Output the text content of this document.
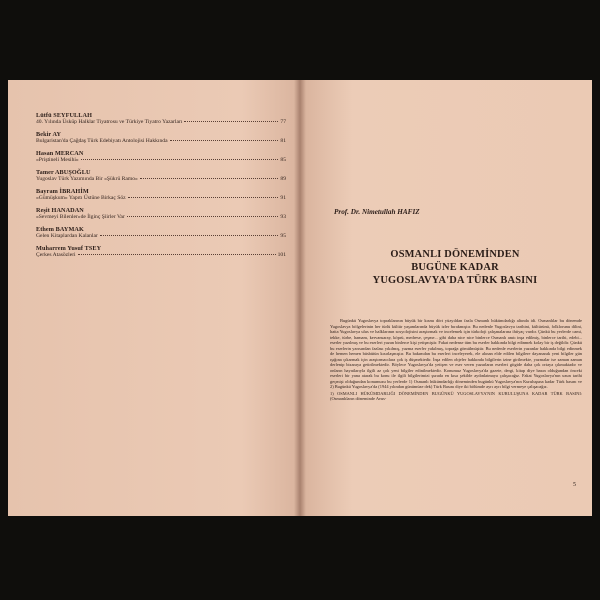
Lütfü SEYFULLAH
40. Yılında Üsküp Halklar Tiyatrosu ve Türkiye Tiyatro Yazarları	77
Bekir AY
Bulgaristan'da Çağdaş Türk Edebiyatı Antolojisi Hakkında	81
Hasan MERCAN
«Priştineli Mesihi»	85
Tamer ABUŞOĞLU
Yugoslav Türk Yazımında Bir «Şükrü Ramo»	89
Bayram İBRAHİM
«Gümüşkum» Yapıtı Üstüne Birkaç Söz	91
Reşit HANADAN
«Sevmeyi Bilenler»de İlginç Şiirler Var	93
Ethem BAYMAK
Gelen Kitaplardan Kalanlar	95
Muharrem Yusuf TSEY
Çerkes Atasözleri	101
Prof. Dr. Nimetullah HAFIZ
OSMANLI DÖNEMİNDEN
BUGÜNE KADAR
YUGOSLAVYA'DA TÜRK BASINI

Bugünkü Yugoslavya topraklarının büyük bir kısmı dört yüzyıldan fazla Osmanlı hükümdarlığı altında idi. Osmanlılar bu dönemde Yugoslavya bölgelerinin her türlü kültür yaşamlarında büyük izler bırakmıştır. Bu nedenle Yugoslavya tarihini, kültürünü, folklorunu dilini, hatta Yugoslavya ulus ve halklarının sosyolojisini araştırmak ve incelemek için türkoloji çalışmalarına ihtiyaç vardır. Çünkü bu yerlerde cami, tekke, türbe, hamam, kervansaray, köprü, medrese, çeşme... gibi daha nice nice binlerce Osmanlı anıtı inşa edilmiş, binlerce tarihi, edebi... eserler yazılmış ve bu eserleri yazan binlerce kişi yetişmiştir. Fakat nedense tüm bu eserler hakkında bilgi edinmek kolay bir iş değildir. Çünkü bu eserlerin yarısından fazlası yıkılmış, yazma eserler yakılmış, toprağa gömülmüştür. Bu nedenle eserlerin yazanlar hakkında bilgi edinmek de hemen hemen büsbütün kısırlaşmıştır. Bu bakımdan bu eserleri inceleyerek, ele alınan elde edilen bilgilere dayanarak yeni bilgiler gün ışığına çıkarmak için araştırmacılara çok iş düşmektedir. İnşa edilen objeler hakkında bilgilerin izine girilmekte, yazmalar ise zaman zaman derlenip bizarayа getirilmektedir. Böylece Yugoslavya'da yetişen ve eser veren yazarların eserleri gitgide daha çok ortaya çıkmaktadır ve onların hayatlarıyla ilgili az çok yeni bilgiler edinilmektedir. Konumuz Yugoslavya'da gazete, dergi, kitap diye basın olduğundan önceki eserleri bir yana atarak bu konu ile ilgili bilgilerimizi şurada en kısa şekilde aydınlatmaya çalışacağız. Fakat Yugoslavya'nın uzun tarihi geçmişi olduğundan konumuzu bu yerlerde 1) Osmanlı hükümdarlığı döneminden bugünkü Yugoslavya'nın Kuruluşuna kadar Türk basını ve 2) Bugünkü Yugoslavya'da (1944 yılından günümüze dek) Türk Basını diye iki bölümde ayrı ayrı bilgi vermeye çalışacağız.

1) OSMANLI HÜKÜMDARLIĞI DÖNEMİNDEN BUGÜNKÜ YUGOSLAVYA'NIN KURULUŞUNA KADAR TÜRK BASINI: (Osmanlıların döneminde Avus-
5
